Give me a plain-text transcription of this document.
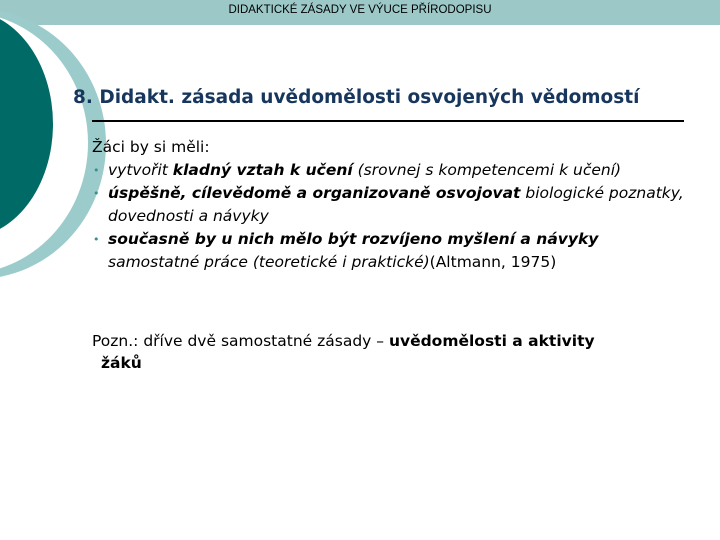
DIDAKTICKÉ ZÁSADY VE VÝUCE PŘÍRODOPISU
8. Didakt. zásada uvědomělosti osvojených vědomostí

Žáci by si měli:

• vytvořit kladný vztah k učení (srovnej s kompetencemi k učení)
• úspěšně, cílevědomě a organizovaně osvojovat biologické poznatky, dovednosti a návyky
• současně by u nich mělo být rozvíjeno myšlení a návyky samostatné práce (teoretické i praktické)(Altmann, 1975)
Pozn.: dříve dvě samostatné zásady – uvědomělosti a aktivity
žáků
